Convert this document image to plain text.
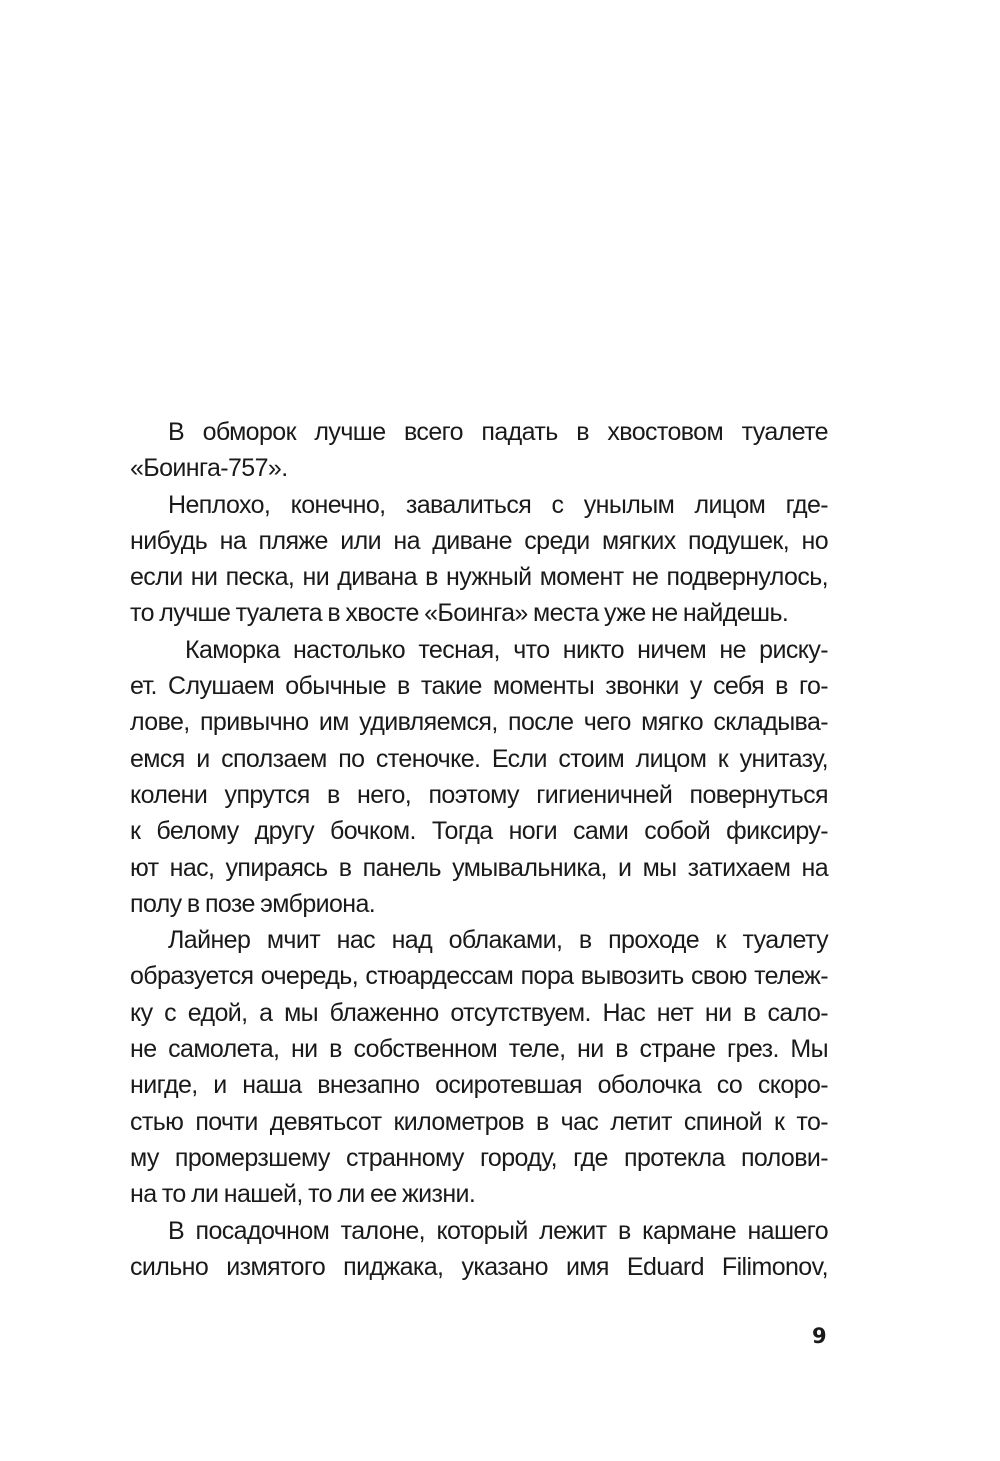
В обморок лучше всего падать в хвостовом туалете
«Боинга-757».
Неплохо, конечно, завалиться с унылым лицом где-
нибудь на пляже или на диване среди мягких подушек, но
если ни песка, ни дивана в нужный момент не подвернулось,
то лучше туалета в хвосте «Боинга» места уже не найдешь.
Каморка настолько тесная, что никто ничем не риску-
ет. Слушаем обычные в такие моменты звонки у себя в го-
лове, привычно им удивляемся, после чего мягко складыва-
емся и сползаем по стеночке. Если стоим лицом к унитазу,
колени упрутся в него, поэтому гигиеничней повернуться
к белому другу бочком. Тогда ноги сами собой фиксиру-
ют нас, упираясь в панель умывальника, и мы затихаем на
полу в позе эмбриона.
Лайнер мчит нас над облаками, в проходе к туалету
образуется очередь, стюардессам пора вывозить свою тележ-
ку с едой, а мы блаженно отсутствуем. Нас нет ни в сало-
не самолета, ни в собственном теле, ни в стране грез. Мы
нигде, и наша внезапно осиротевшая оболочка со скоро-
стью почти девятьсот километров в час летит спиной к то-
му промерзшему странному городу, где протекла полови-
на то ли нашей, то ли ее жизни.
В посадочном талоне, который лежит в кармане нашего
сильно измятого пиджака, указано имя Eduard Filimonov,
9
